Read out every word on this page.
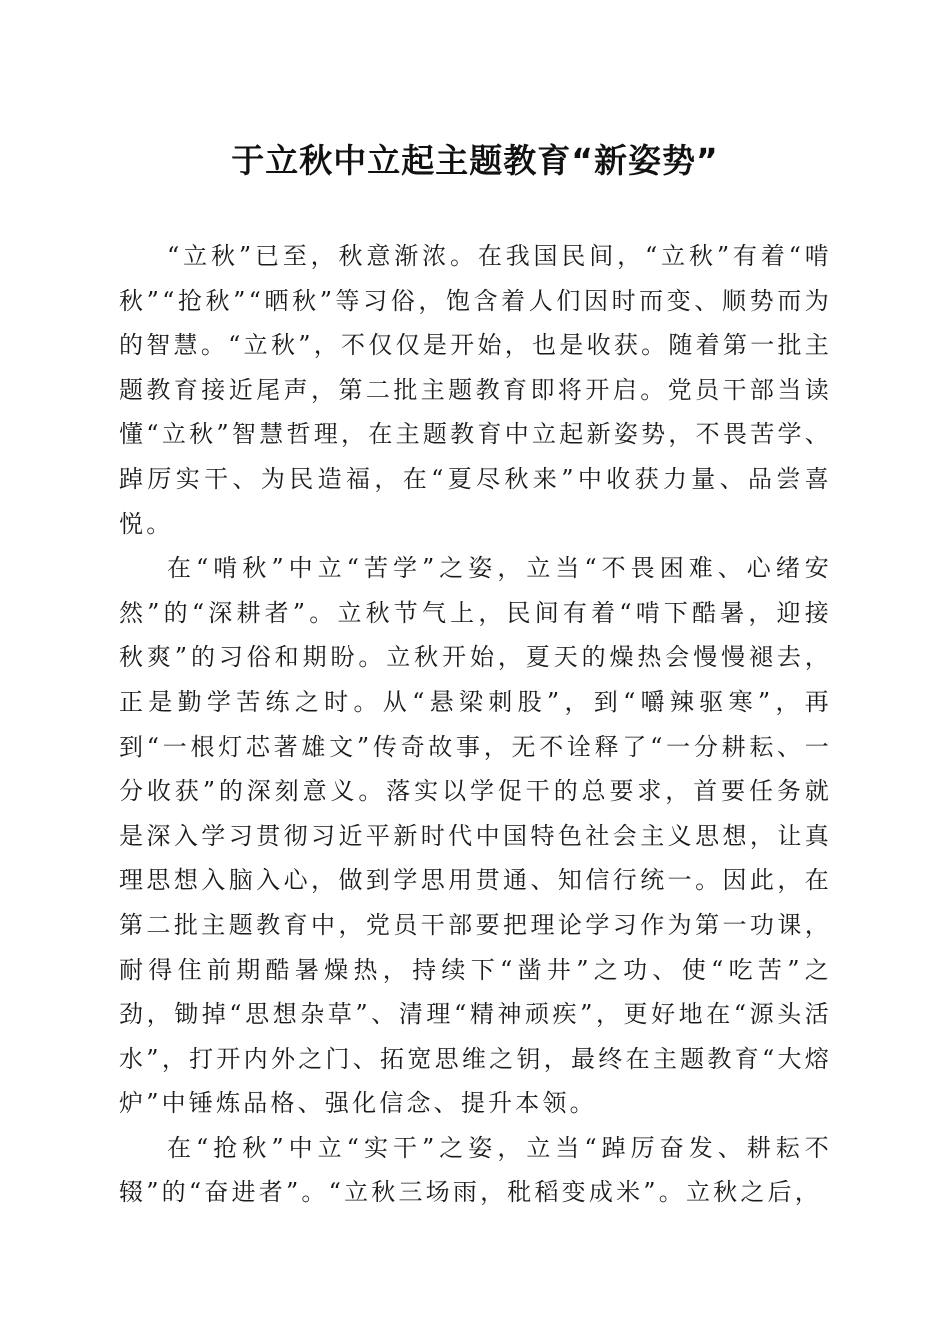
于立秋中立起主题教育“新姿势”

“立秋”已至，秋意渐浓。在我国民间，“立秋”有着“啃秋”“抢秋”“晒秋”等习俗，饱含着人们因时而变、顺势而为的智慧。“立秋”，不仅仅是开始，也是收获。随着第一批主题教育接近尾声，第二批主题教育即将开启。党员干部当读懂“立秋”智慧哲理，在主题教育中立起新姿势，不畏苦学、踔厉实干、为民造福，在“夏尽秋来”中收获力量、品尝喜悦。

在“啃秋”中立“苦学”之姿，立当“不畏困难、心绪安然”的“深耕者”。立秋节气上，民间有着“啃下酷暑，迎接秋爽”的习俗和期盼。立秋开始，夏天的燥热会慢慢褪去，正是勤学苦练之时。从“悬梁刺股”，到“嚼辣驱寒”，再到“一根灯芯著雄文”传奇故事，无不诠释了“一分耕耘、一分收获”的深刻意义。落实以学促干的总要求，首要任务就是深入学习贯彻习近平新时代中国特色社会主义思想，让真理思想入脑入心，做到学思用贯通、知信行统一。因此，在第二批主题教育中，党员干部要把理论学习作为第一功课，耐得住前期酷暑燥热，持续下“凿井”之功、使“吃苦”之劲，锄掉“思想杂草”、清理“精神顽疾”，更好地在“源头活水”，打开内外之门、拓宽思维之钥，最终在主题教育“大熔炉”中锤炼品格、强化信念、提升本领。

在“抢秋”中立“实干”之姿，立当“踔厉奋发、耕耘不辍”的“奋进者”。“立秋三场雨，秕稻变成米”。立秋之后，
